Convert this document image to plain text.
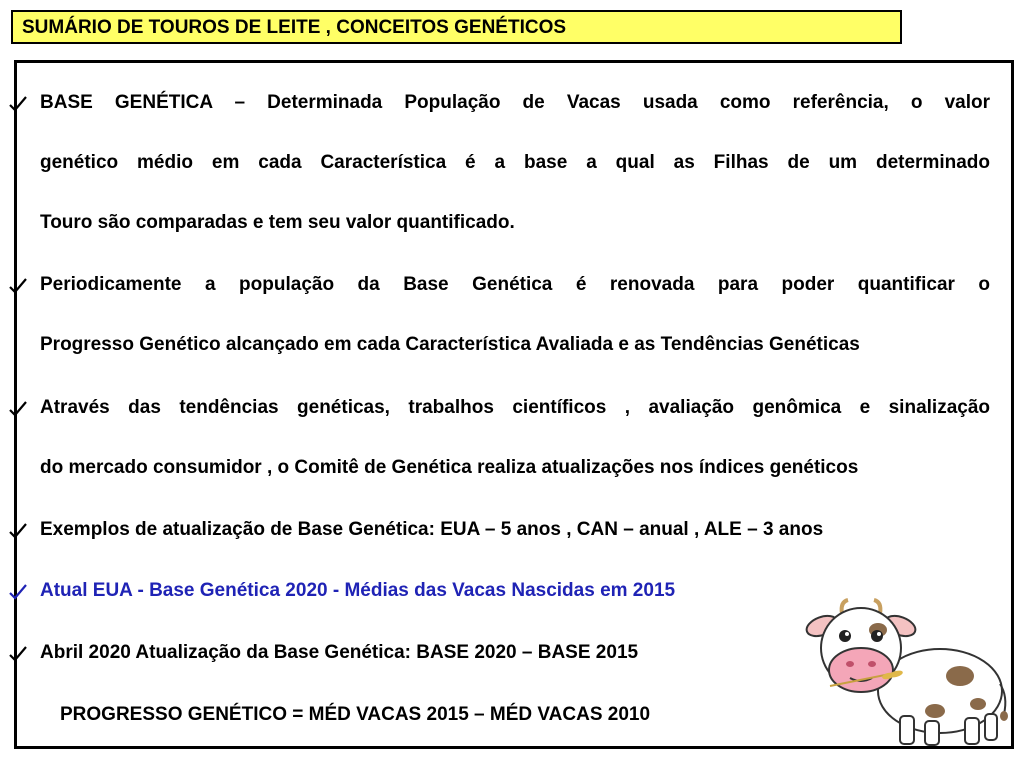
SUMÁRIO DE TOUROS DE LEITE , CONCEITOS GENÉTICOS
BASE GENÉTICA – Determinada População de Vacas usada como referência, o valor
genético médio em cada Característica é a base a qual as Filhas de um determinado
Touro são comparadas e tem seu valor quantificado.
Periodicamente a população da Base Genética é renovada para poder quantificar o
Progresso Genético alcançado em cada Característica Avaliada e as Tendências Genéticas
Através das tendências genéticas, trabalhos científicos , avaliação genômica e sinalização
do mercado consumidor , o Comitê de Genética realiza atualizações nos índices genéticos
Exemplos de atualização de Base Genética: EUA – 5 anos , CAN – anual , ALE – 3 anos
Atual EUA - Base Genética 2020 - Médias das Vacas Nascidas em 2015
Abril 2020 Atualização da Base Genética: BASE 2020 – BASE 2015
PROGRESSO GENÉTICO = MÉD VACAS 2015 – MÉD VACAS 2010
